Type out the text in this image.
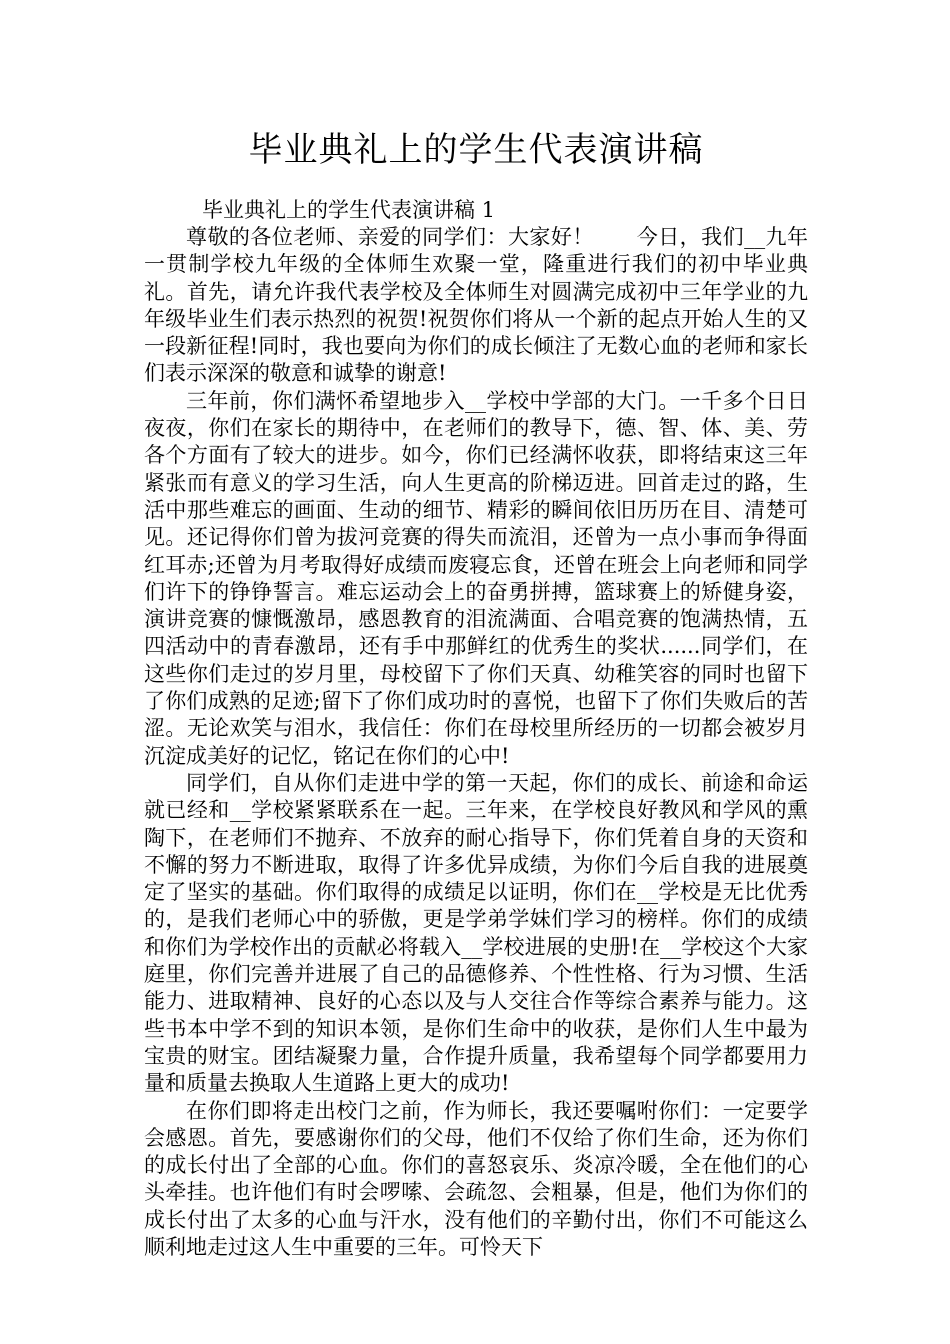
毕业典礼上的学生代表演讲稿

毕业典礼上的学生代表演讲稿 1

尊敬的各位老师、亲爱的同学们：大家好！　　今日，我们__九年一贯制学校九年级的全体师生欢聚一堂，隆重进行我们的初中毕业典礼。首先，请允许我代表学校及全体师生对圆满完成初中三年学业的九年级毕业生们表示热烈的祝贺!祝贺你们将从一个新的起点开始人生的又一段新征程!同时，我也要向为你们的成长倾注了无数心血的老师和家长们表示深深的敬意和诚挚的谢意!

三年前，你们满怀希望地步入__学校中学部的大门。一千多个日日夜夜，你们在家长的期待中，在老师们的教导下，德、智、体、美、劳各个方面有了较大的进步。如今，你们已经满怀收获，即将结束这三年紧张而有意义的学习生活，向人生更高的阶梯迈进。回首走过的路，生活中那些难忘的画面、生动的细节、精彩的瞬间依旧历历在目、清楚可见。还记得你们曾为拔河竞赛的得失而流泪，还曾为一点小事而争得面红耳赤;还曾为月考取得好成绩而废寝忘食，还曾在班会上向老师和同学们许下的铮铮誓言。难忘运动会上的奋勇拼搏，篮球赛上的矫健身姿，演讲竞赛的慷慨激昂，感恩教育的泪流满面、合唱竞赛的饱满热情，五四活动中的青春激昂，还有手中那鲜红的优秀生的奖状......同学们，在这些你们走过的岁月里，母校留下了你们天真、幼稚笑容的同时也留下了你们成熟的足迹;留下了你们成功时的喜悦，也留下了你们失败后的苦涩。无论欢笑与泪水，我信任：你们在母校里所经历的一切都会被岁月沉淀成美好的记忆，铭记在你们的心中!

同学们，自从你们走进中学的第一天起，你们的成长、前途和命运就已经和__学校紧紧联系在一起。三年来，在学校良好教风和学风的熏陶下，在老师们不抛弃、不放弃的耐心指导下，你们凭着自身的天资和不懈的努力不断进取，取得了许多优异成绩，为你们今后自我的进展奠定了坚实的基础。你们取得的成绩足以证明，你们在__学校是无比优秀的，是我们老师心中的骄傲，更是学弟学妹们学习的榜样。你们的成绩和你们为学校作出的贡献必将载入__学校进展的史册!在__学校这个大家庭里，你们完善并进展了自己的品德修养、个性性格、行为习惯、生活能力、进取精神、良好的心态以及与人交往合作等综合素养与能力。这些书本中学不到的知识本领，是你们生命中的收获，是你们人生中最为宝贵的财宝。团结凝聚力量，合作提升质量，我希望每个同学都要用力量和质量去换取人生道路上更大的成功!

在你们即将走出校门之前，作为师长，我还要嘱咐你们：一定要学会感恩。首先，要感谢你们的父母，他们不仅给了你们生命，还为你们的成长付出了全部的心血。你们的喜怒哀乐、炎凉冷暖，全在他们的心头牵挂。也许他们有时会啰嗦、会疏忽、会粗暴，但是，他们为你们的成长付出了太多的心血与汗水，没有他们的辛勤付出，你们不可能这么顺利地走过这人生中重要的三年。可怜天下
